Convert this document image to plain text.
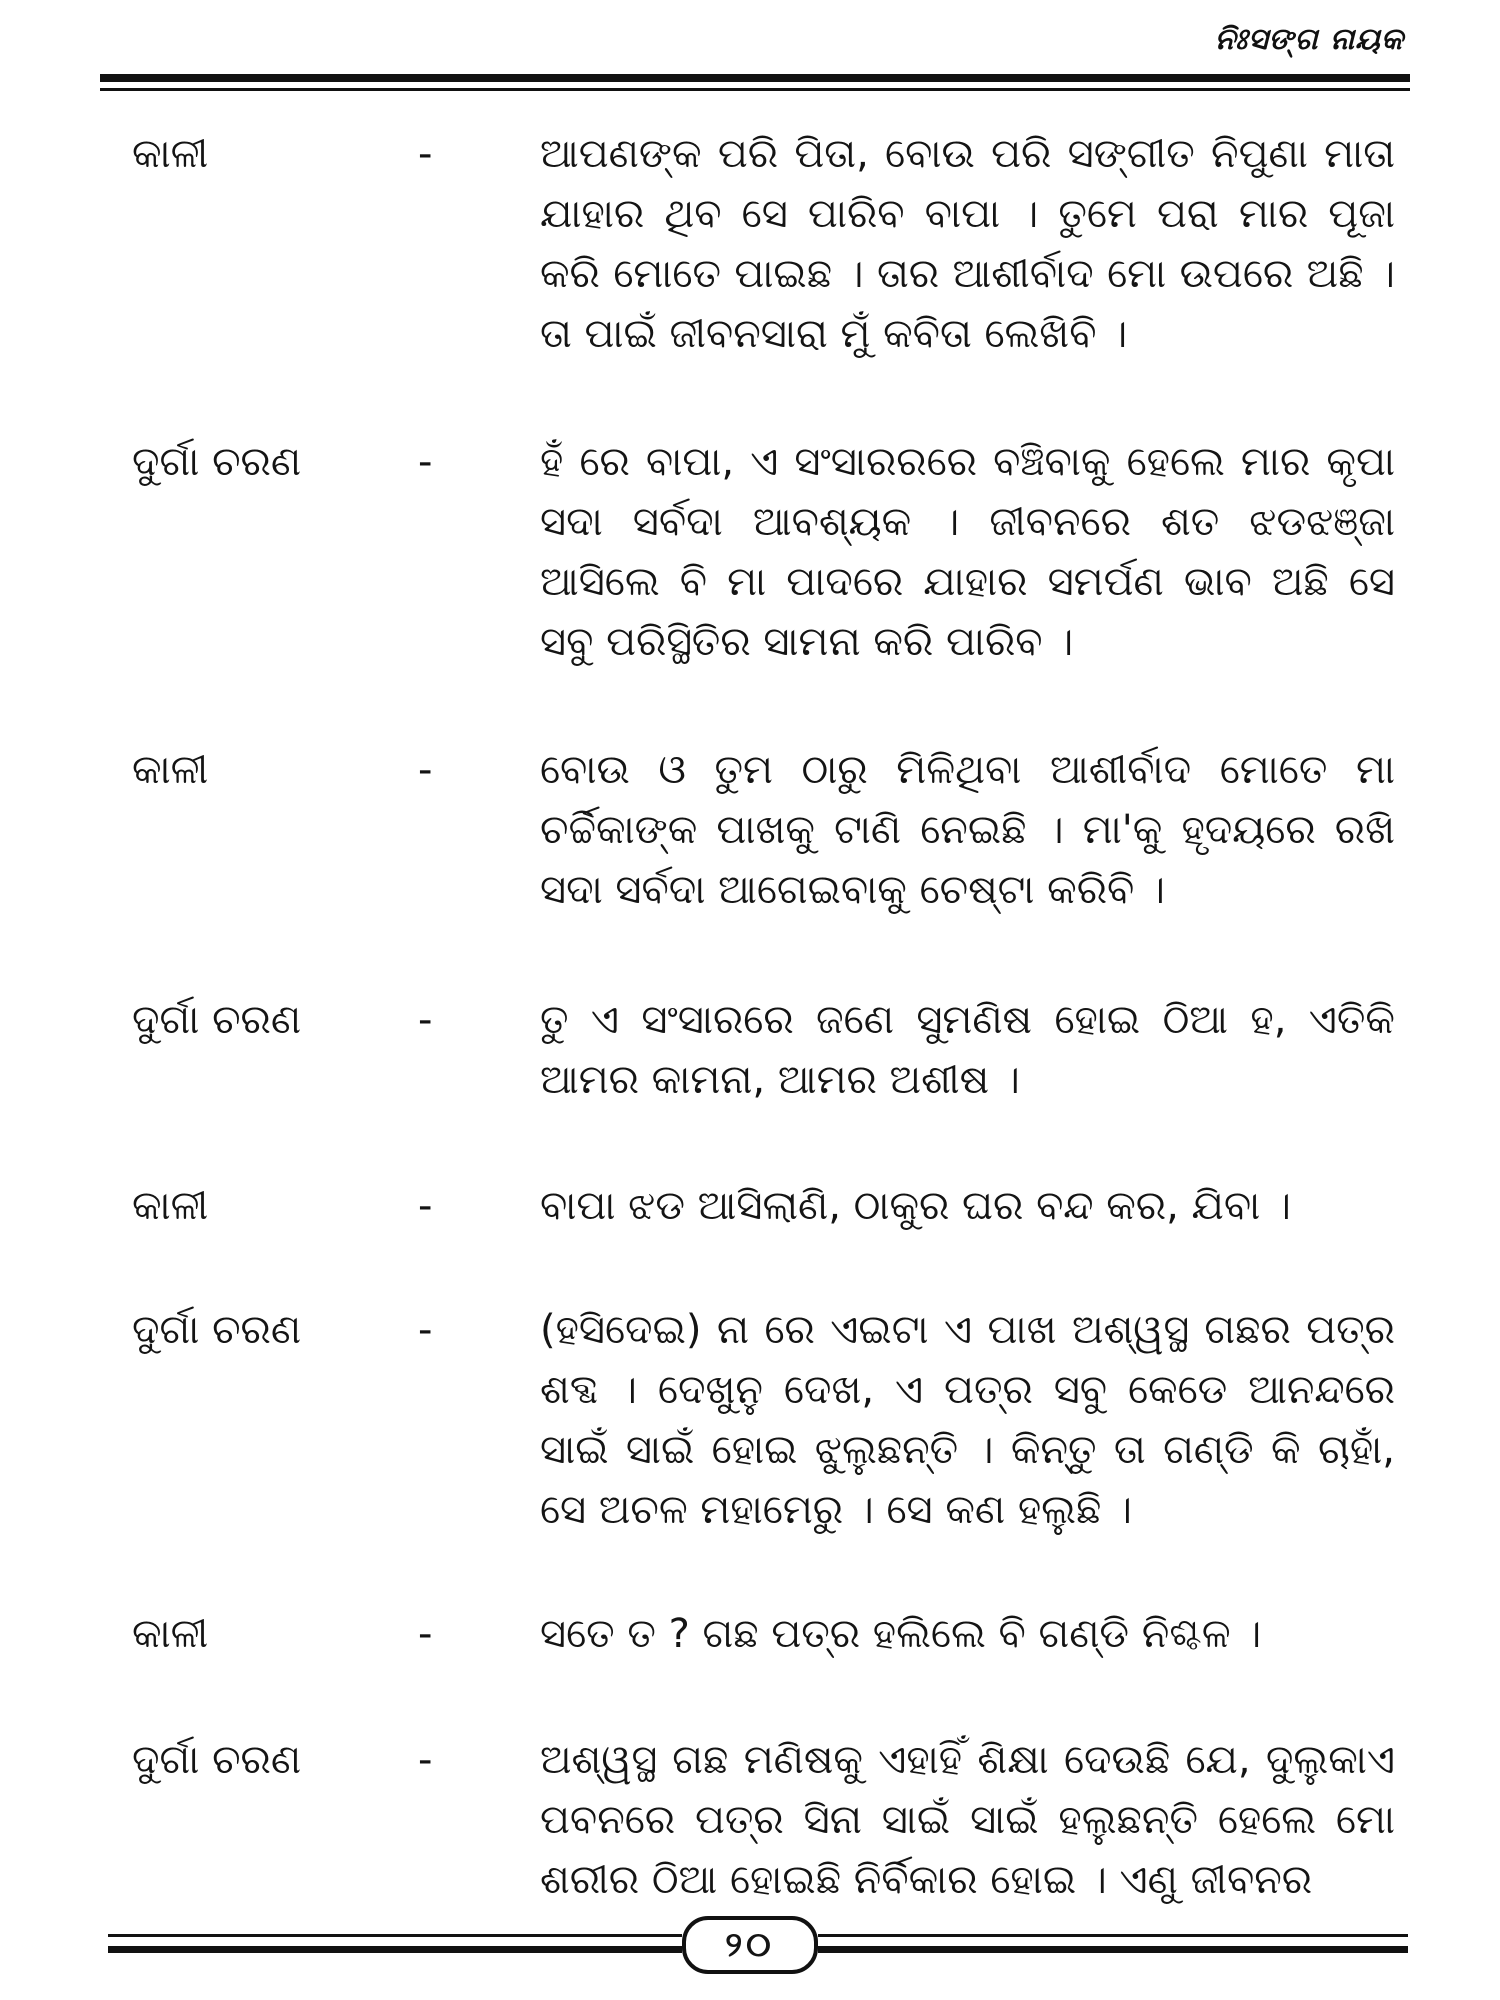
ନିଃସଙ୍ଗ ନାୟକ
କାଳୀ	-	ଆପଣଙ୍କ ପରି ପିତା, ବୋଉ ପରି ସଙ୍ଗୀତ ନିପୁଣା ମାତା ଯାହାର ଥିବ ସେ ପାରିବ ବାପା । ତୁମେ ପରା ମାର ପୂଜା କରି ମୋତେ ପାଇଛ । ତାର ଆଶୀର୍ବାଦ ମୋ ଉପରେ ଅଛି । ତା ପାଇଁ ଜୀବନସାରା ମୁଁ କବିତା ଲେଖିବି ।
ଦୁର୍ଗା ଚରଣ	-	ହଁ ରେ ବାପା, ଏ ସଂସାରରରେ ବଞ୍ଚିବାକୁ ହେଲେ ମାର କୃପା ସଦା ସର୍ବଦା ଆବଶ୍ୟକ । ଜୀବନରେ ଶତ ଝଡଝଞ୍ଜା ଆସିଲେ ବି ମା ପାଦରେ ଯାହାର ସମର୍ପଣ ଭାବ ଅଛି ସେ ସବୁ ପରିସ୍ଥିତିର ସାମନା କରି ପାରିବ ।
କାଳୀ	-	ବୋଉ ଓ ତୁମ ଠାରୁ ମିଳିଥିବା ଆଶୀର୍ବାଦ ମୋତେ ମା ଚର୍ଚ୍ଚିକାଙ୍କ ପାଖକୁ ଟାଣି ନେଇଛି । ମା'କୁ ହୃଦୟରେ ରଖି ସଦା ସର୍ବଦା ଆଗେଇବାକୁ ଚେଷ୍ଟା କରିବି ।
ଦୁର୍ଗା ଚରଣ	-	ତୁ ଏ ସଂସାରରେ ଜଣେ ସୁମଣିଷ ହୋଇ ଠିଆ ହ, ଏତିକି ଆମର କାମନା, ଆମର ଅଶୀଷ ।
କାଳୀ	-	ବାପା ଝଡ ଆସିଲାଣି, ଠାକୁର ଘର ବନ୍ଦ କର, ଯିବା ।
ଦୁର୍ଗା ଚରଣ	-	(ହସିଦେଇ) ନା ରେ ଏଇଟା ଏ ପାଖ ଅଶ୍ୱସ୍ଥ ଗଛର ପତ୍ର ଶବ୍ଦ । ଦେଖୁନୁ ଦେଖ, ଏ ପତ୍ର ସବୁ କେଡେ ଆନନ୍ଦରେ ସାଇଁ ସାଇଁ ହୋଇ ଝୁଲୁଛନ୍ତି । କିନ୍ତୁ ତା ଗଣ୍ଡି କି ଚାହାଁ, ସେ ଅଚଳ ମହାମେରୁ । ସେ କଣ ହଲୁଛି ।
କାଳୀ	-	ସତେ ତ ? ଗଛ ପତ୍ର ହଲିଲେ ବି ଗଣ୍ଡି ନିଶ୍ଚଳ ।
ଦୁର୍ଗା ଚରଣ	-	ଅଶ୍ୱସ୍ଥ ଗଛ ମଣିଷକୁ ଏହାହିଁ ଶିକ୍ଷା ଦେଉଛି ଯେ, ଦୁଲୁକାଏ ପବନରେ ପତ୍ର ସିନା ସାଇଁ ସାଇଁ ହଲୁଛନ୍ତି ହେଲେ ମୋ ଶରୀର ଠିଆ ହୋଇଛି ନିର୍ବିକାର ହୋଇ । ଏଣୁ ଜୀବନର
୨୦
